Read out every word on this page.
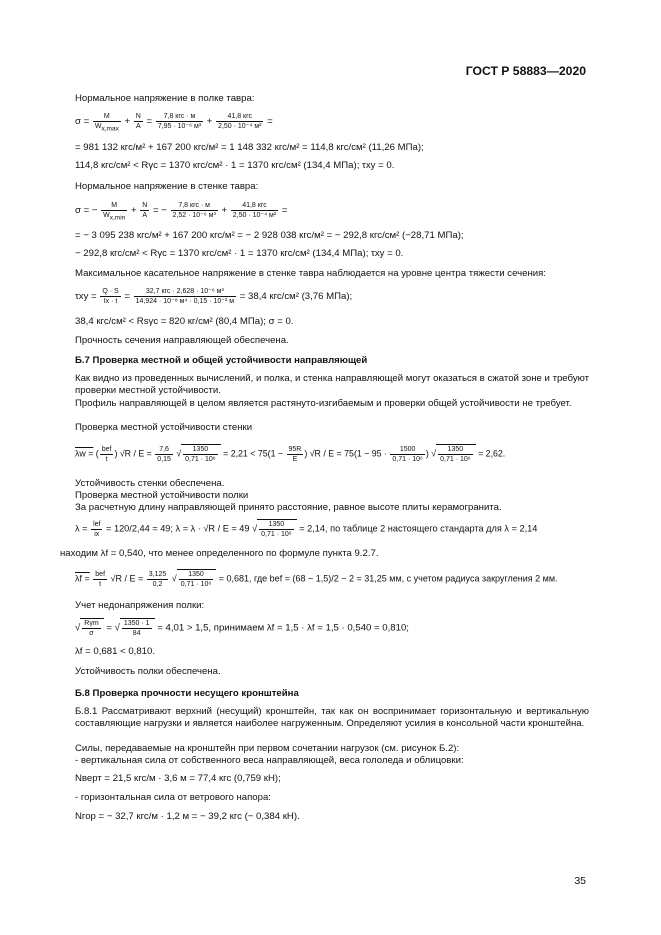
ГОСТ Р 58883—2020
Нормальное напряжение в полке тавра:
$\sigma = \frac{M}{W_{x,max}} + \frac{N}{A} = \frac{\text{7,8 кгс · м}}{\text{7,95 · 10⁻⁶ м³}} + \frac{\text{41,8 кгс}}{\text{2,50 · 10⁻⁴ м²}}$ =
= 981 132 кгс/м² + 167 200 кгс/м² = 1 148 332 кгс/м² = 114,8 кгс/см² (11,26 МПа);
114,8 кгс/см² < Rγc = 1370 кгс/см² · 1 = 1370 кгс/см² (134,4 МПа); τxy = 0.
Нормальное напряжение в стенке тавра:
σ = − $\frac{M}{W_{x,min}} + \frac{N}{A}$ = − $\frac{\text{7,8 кгс · м}}{\text{2,52 · 10⁻⁶ м³}} + \frac{\text{41,8 кгс}}{\text{2,50 · 10⁻⁴ м²}}$ =
= − 3 095 238 кгс/м² + 167 200 кгс/м² = − 2 928 038 кгс/м² = − 292,8 кгс/см² (−28,71 МПа);
− 292,8 кгс/см² < Rγc = 1370 кгс/см² · 1 = 1370 кгс/см² (134,4 МПа); τxy = 0.
Максимальное касательное напряжение в стенке тавра наблюдается на уровне центра тяжести сечения:
$\tau xy = \frac{Q \cdot S}{Ix \cdot t} = \frac{\text{32,7 кгс · 2,628 · 10⁻⁶ м³}}{\text{14,924 · 10⁻⁸ м⁴ · 0,15 · 10⁻² м}} = 38,4$ кгс/см² (3,76 МПа);
38,4 кгс/см² < Rsγc = 820 кг/см² (80,4 МПа); σ = 0.
Прочность сечения направляющей обеспечена.
Б.7 Проверка местной и общей устойчивости направляющей
Как видно из проведенных вычислений, и полка, и стенка направляющей могут оказаться в сжатой зоне и требуют проверки местной устойчивости.
Профиль направляющей в целом является растянуто-изгибаемым и проверки общей устойчивости не требует.
Проверка местной устойчивости стенки
λw = ( $\frac{\text{bef}}{t}$ ) $√R / E = \frac{7,6}{0,15}$ √ $\frac{1350}{\text{0,71 · 10⁶}} = 2,21 < 75(1 - \frac{95R}{E}$ ) $√R / E = 75(1 - 95 \cdot \frac{1500}{\text{0,71 · 10⁶}}$ ) √ $\frac{1350}{\text{0,71 · 10⁶}} = 2,62$.
Устойчивость стенки обеспечена.
Проверка местной устойчивости полки
За расчетную длину направляющей принято расстояние, равное высоте плиты керамогранита.
$\lambda = \frac{\text{lef}}{ix} = 120/2,44 = 49$; λ = λ · √R / E = 49 √ $\frac{1350}{\text{0,71 · 10⁶}} = 2,14$, по таблице 2 настоящего стандарта для λ = 2,14
находим λf = 0,540, что менее определенного по формуле пункта 9.2.7.
$\lambda f = \frac{\text{bef}}{t} √R / E = \frac{3,125}{0,2}$ √ $\frac{1350}{\text{0,71 · 10⁶}} = 0,681$, где bef = (68 − 1,5)/2 − 2 = 31,25 мм, с учетом радиуса закругления 2 мм.
Учет недонапряжения полки:
√ $\frac{\text{Rγm}}{\sigma}$ = √ $\frac{1350 \cdot 1}{84} = 4,01 > 1,5$, принимаем λf = 1,5 · λf = 1,5 · 0,540 = 0,810;
λf = 0,681 < 0,810.
Устойчивость полки обеспечена.
Б.8 Проверка прочности несущего кронштейна
Б.8.1 Рассматривают верхний (несущий) кронштейн, так как он воспринимает горизонтальную и вертикальную составляющие нагрузки и является наиболее нагруженным. Определяют усилия в консольной части кронштейна.
Силы, передаваемые на кронштейн при первом сочетании нагрузок (см. рисунок Б.2):
- вертикальная сила от собственного веса направляющей, веса гололеда и облицовки:
Nверт = 21,5 кгс/м · 3,6 м = 77,4 кгс (0,759 кН);
- горизонтальная сила от ветрового напора:
Nгор = − 32,7 кгс/м · 1,2 м = − 39,2 кгс (− 0,384 кН).
35
